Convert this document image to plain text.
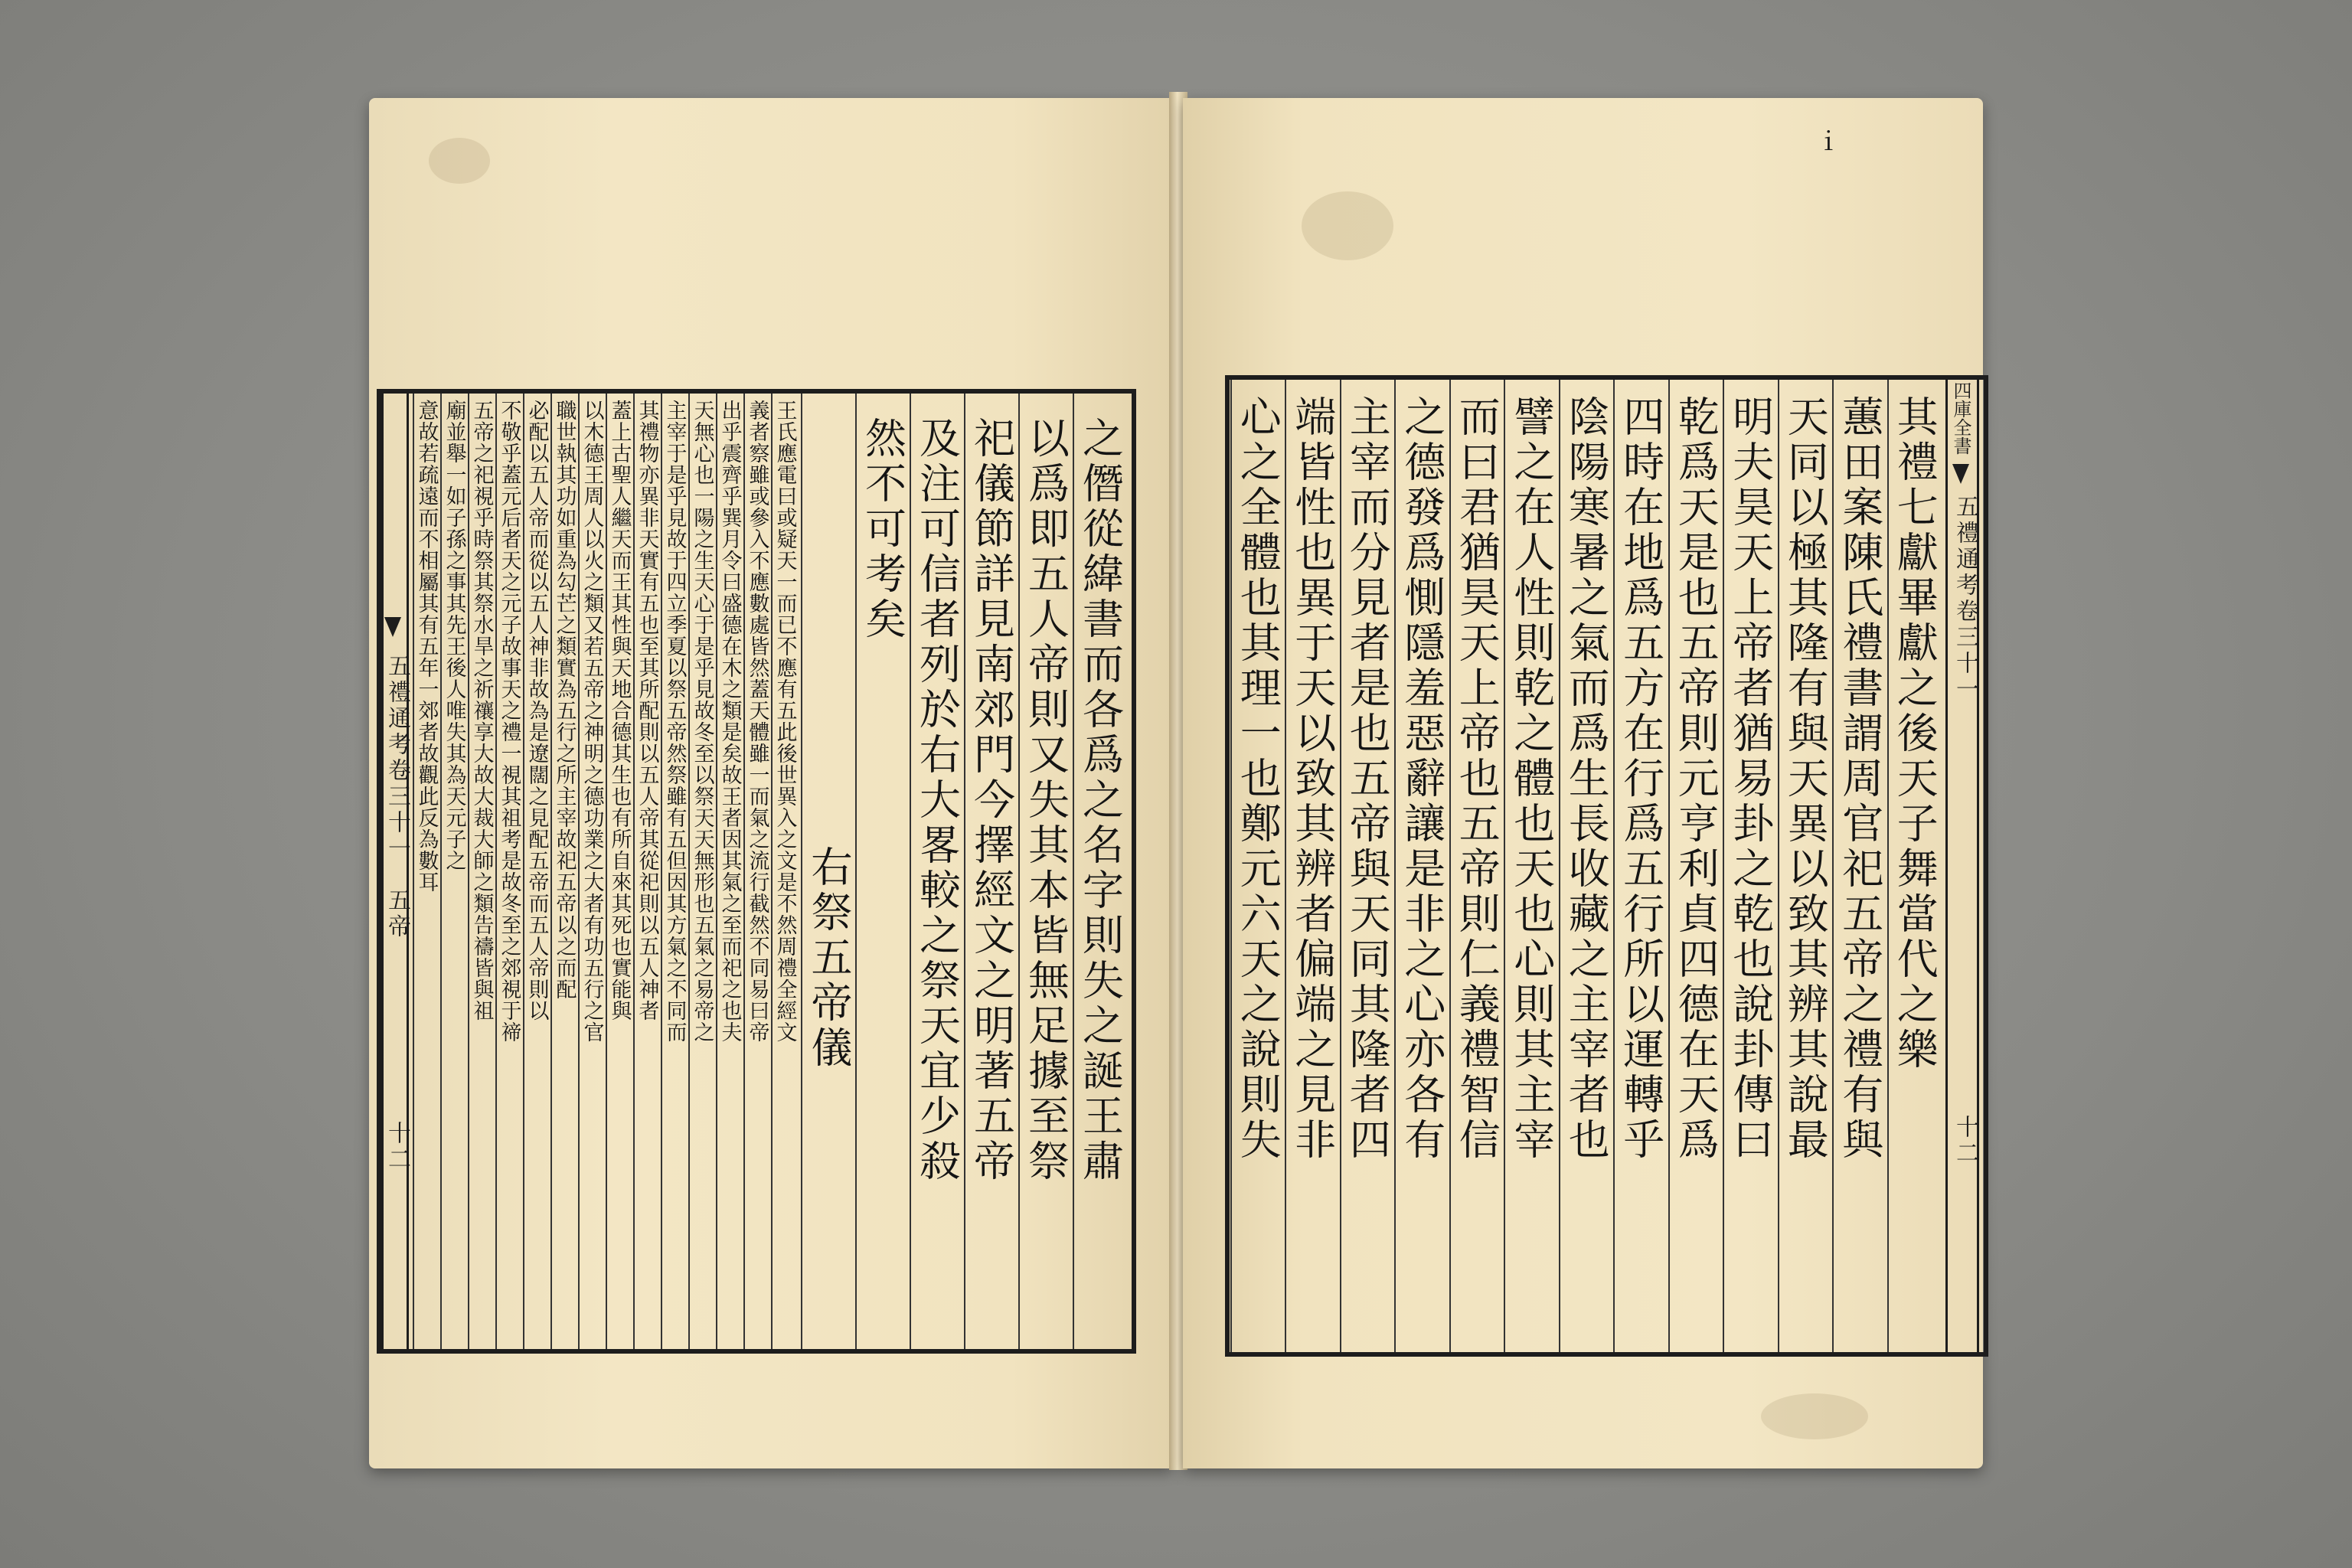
五禮通考卷三十一　五帝
十二
王氏應電曰或疑天一而已不應有五此後世異入之文是不然周禮全經文
義者察雖或參入不應數處皆然蓋天體雖一而氣之流行截然不同易曰帝
出乎震齊乎巽月令曰盛德在木之類是矣故王者因其氣之至而祀之也夫
天無心也一陽之生天心于是乎見故冬至以祭天天無形也五氣之易帝之
主宰于是乎見故于四立季夏以祭五帝然祭雖有五但因其方氣之不同而
其禮物亦異非天實有五也至其所配則以五人帝其從祀則以五人神者
蓋上古聖人繼天而王其性與天地合德其生也有所自來其死也實能與
以木德王周人以火之類又若五帝之神明之德功業之大者有功五行之官
職世執其功如重為勾芒之類實為五行之所主宰故祀五帝以之而配
必配以五人帝而從以五人神非故為是遼闊之見配五帝而五人帝則以
不敬乎蓋元后者天之元子故事天之禮一視其祖考是故冬至之郊視于禘
五帝之祀視乎時祭其祭水旱之祈禳享大故大裁大師之類告禱皆與祖
廟並舉一如子孫之事其先王後人唯失其為天元子之
意故若疏遠而不相屬其有五年一郊者故觀此反為數耳	之僭從緯書而各爲之名字則失之誕王肅
以爲即五人帝則又失其本皆無足據至祭
祀儀節詳見南郊門今擇經文之明著五帝
及注可信者列於右大畧較之祭天宜少殺
然不可考矣
右祭五帝儀	其禮七獻畢獻之後天子舞當代之樂
蕙田案陳氏禮書謂周官祀五帝之禮有與
天同以極其隆有與天異以致其辨其說最
明夫昊天上帝者猶易卦之乾也說卦傳曰
乾爲天是也五帝則元亨利貞四德在天爲
四時在地爲五方在行爲五行所以運轉乎
陰陽寒暑之氣而爲生長收藏之主宰者也
譬之在人性則乾之體也天也心則其主宰
而曰君猶昊天上帝也五帝則仁義禮智信
之德發爲惻隱羞惡辭讓是非之心亦各有
主宰而分見者是也五帝與天同其隆者四
端皆性也異于天以致其辨者偏端之見非
心之全體也其理一也鄭元六天之說則失	四庫全書
五禮通考卷三十一
十二
ｉ
